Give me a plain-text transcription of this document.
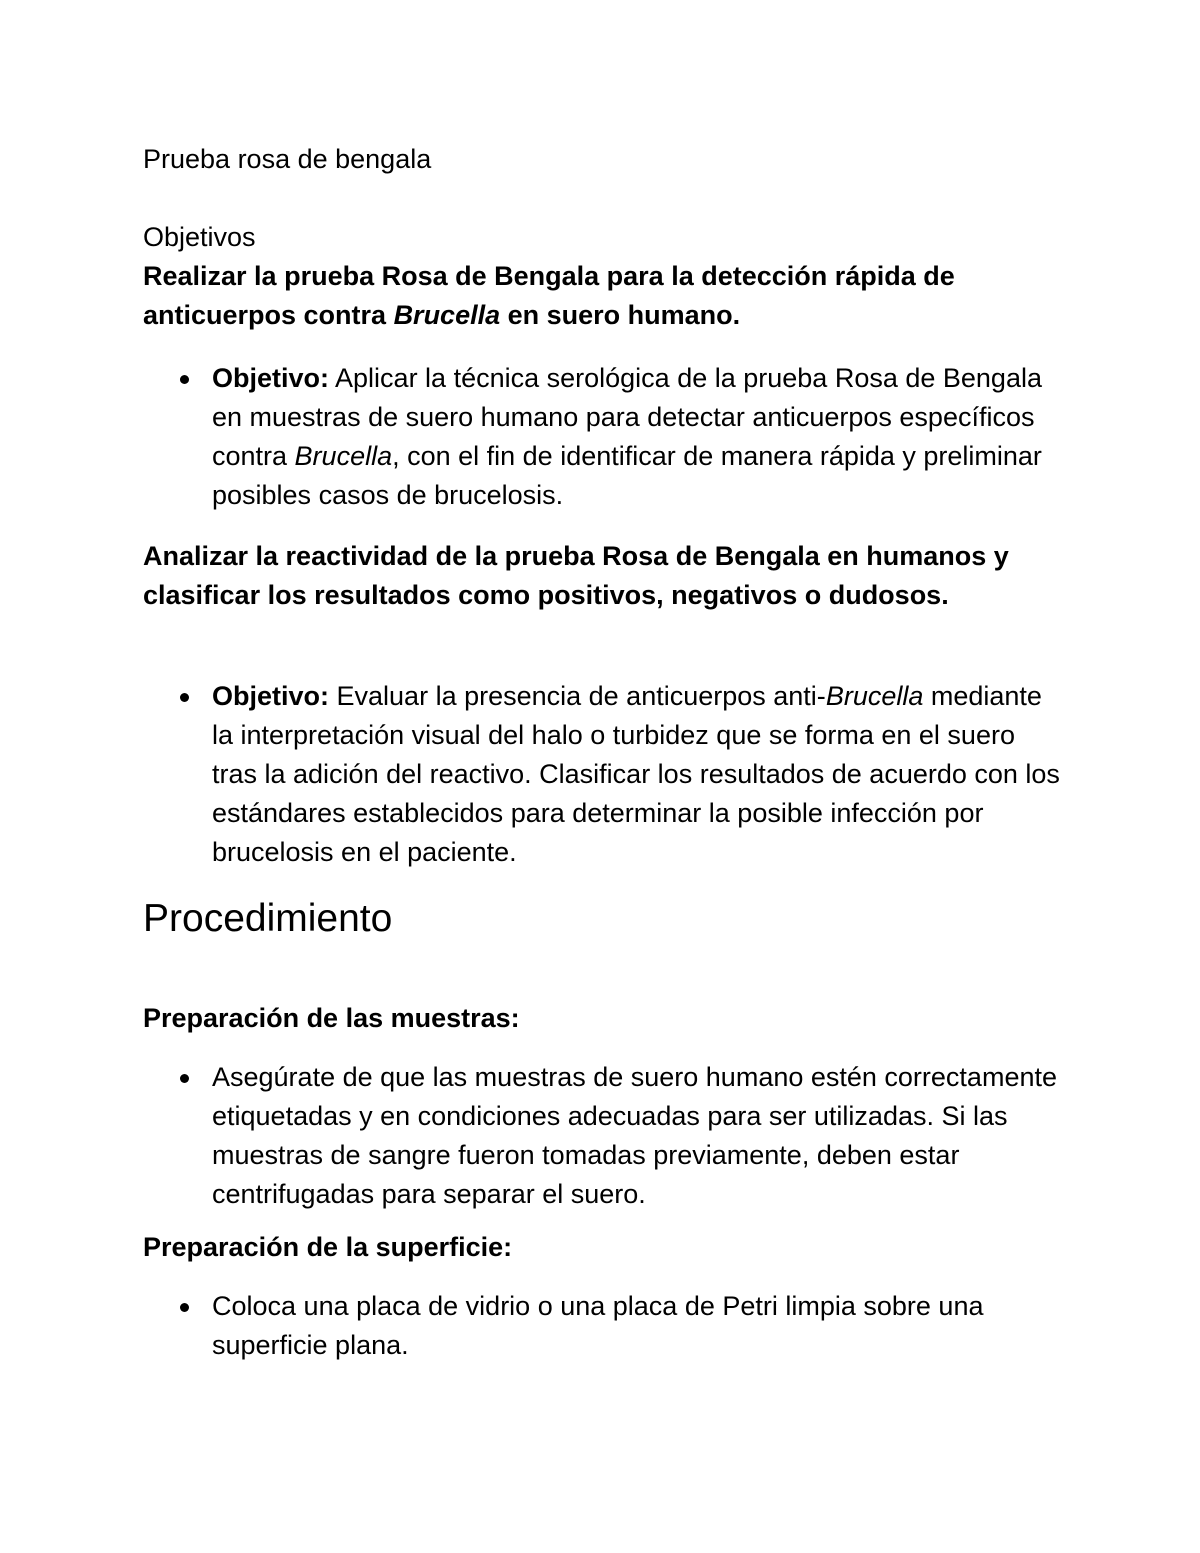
Prueba rosa de bengala

Objetivos

Realizar la prueba Rosa de Bengala para la detección rápida de anticuerpos contra Brucella en suero humano.

Objetivo: Aplicar la técnica serológica de la prueba Rosa de Bengala en muestras de suero humano para detectar anticuerpos específicos contra Brucella, con el fin de identificar de manera rápida y preliminar posibles casos de brucelosis.

Analizar la reactividad de la prueba Rosa de Bengala en humanos y clasificar los resultados como positivos, negativos o dudosos.

Objetivo: Evaluar la presencia de anticuerpos anti-Brucella mediante la interpretación visual del halo o turbidez que se forma en el suero tras la adición del reactivo. Clasificar los resultados de acuerdo con los estándares establecidos para determinar la posible infección por brucelosis en el paciente.
Procedimiento

Preparación de las muestras:

Asegúrate de que las muestras de suero humano estén correctamente etiquetadas y en condiciones adecuadas para ser utilizadas. Si las muestras de sangre fueron tomadas previamente, deben estar centrifugadas para separar el suero.

Preparación de la superficie:

Coloca una placa de vidrio o una placa de Petri limpia sobre una superficie plana.
